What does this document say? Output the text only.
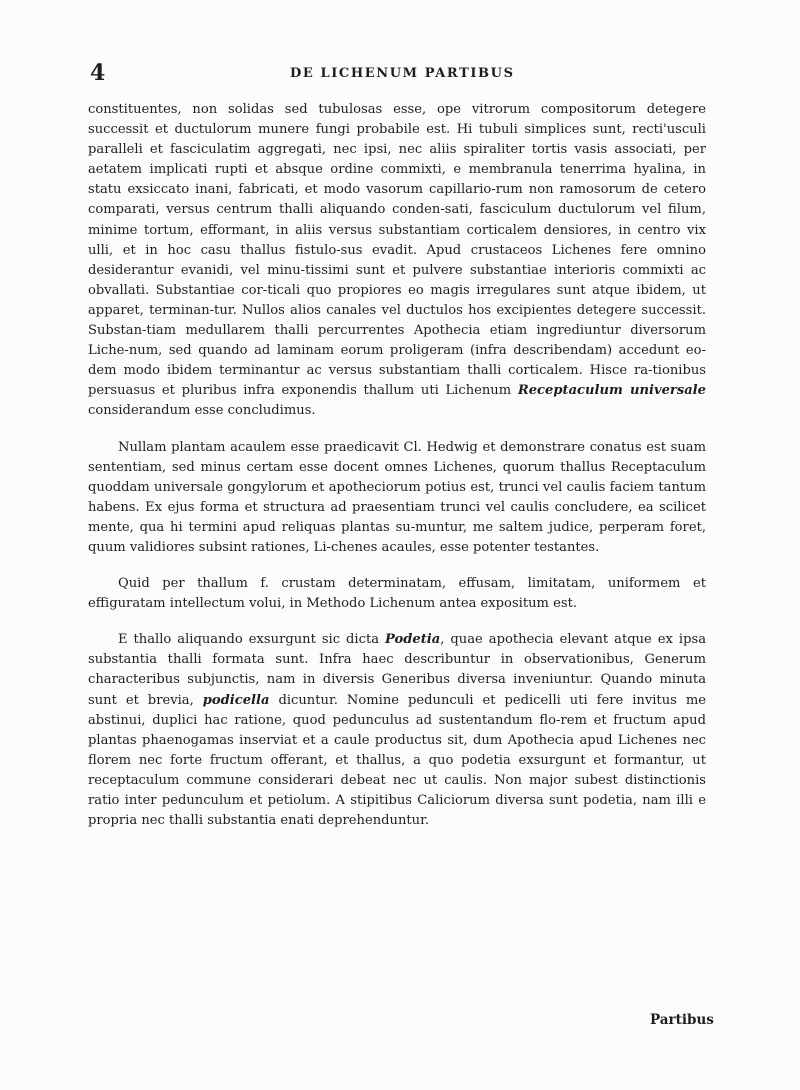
4	DE LICHENUM PARTIBUS

constituentes, non solidas sed tubulosas esse, ope vitrorum compositorum detegere successit et ductulorum munere fungi probabile est. Hi tubuli simplices sunt, recti'usculi paralleli et fasciculatim aggregati, nec ipsi, nec aliis spiraliter tortis vasis associati, per aetatem implicati rupti et absque ordine commixti, e membranula tenerrima hyalina, in statu exsiccato inani, fabricati, et modo vasorum capillario-rum non ramosorum de cetero comparati, versus centrum thalli aliquando conden-sati, fasciculum ductulorum vel filum, minime tortum, efformant, in aliis versus substantiam corticalem densiores, in centro vix ulli, et in hoc casu thallus fistulo-sus evadit. Apud crustaceos Lichenes fere omnino desiderantur evanidi, vel minu-tissimi sunt et pulvere substantiae interioris commixti ac obvallati. Substantiae cor-ticali quo propiores eo magis irregulares sunt atque ibidem, ut apparet, terminan-tur. Nullos alios canales vel ductulos hos excipientes detegere successit. Substan-tiam medullarem thalli percurrentes Apothecia etiam ingrediuntur diversorum Liche-num, sed quando ad laminam eorum proligeram (infra describendam) accedunt eo-dem modo ibidem terminantur ac versus substantiam thalli corticalem. Hisce ra-tionibus persuasus et pluribus infra exponendis thallum uti Lichenum Receptaculum universale considerandum esse concludimus.

Nullam plantam acaulem esse praedicavit Cl. Hedwig et demonstrare conatus est suam sententiam, sed minus certam esse docent omnes Lichenes, quorum thallus Receptaculum quoddam universale gongylorum et apotheciorum potius est, trunci vel caulis faciem tantum habens. Ex ejus forma et structura ad praesentiam trunci vel caulis concludere, ea scilicet mente, qua hi termini apud reliquas plantas su-muntur, me saltem judice, perperam foret, quum validiores subsint rationes, Li-chenes acaules, esse potenter testantes.

Quid per thallum f. crustam determinatam, effusam, limitatam, uniformem et effiguratam intellectum volui, in Methodo Lichenum antea expositum est.

E thallo aliquando exsurgunt sic dicta Podetia, quae apothecia elevant atque ex ipsa substantia thalli formata sunt. Infra haec describuntur in observationibus, Generum characteribus subjunctis, nam in diversis Generibus diversa inveniuntur. Quando minuta sunt et brevia, podicella dicuntur. Nomine pedunculi et pedicelli uti fere invitus me abstinui, duplici hac ratione, quod pedunculus ad sustentandum flo-rem et fructum apud plantas phaenogamas inserviat et a caule productus sit, dum Apothecia apud Lichenes nec florem nec forte fructum offerant, et thallus, a quo podetia exsurgunt et formantur, ut receptaculum commune considerari debeat nec ut caulis. Non major subest distinctionis ratio inter pedunculum et petiolum. A stipitibus Caliciorum diversa sunt podetia, nam illi e propria nec thalli substantia enati deprehenduntur.

Partibus
